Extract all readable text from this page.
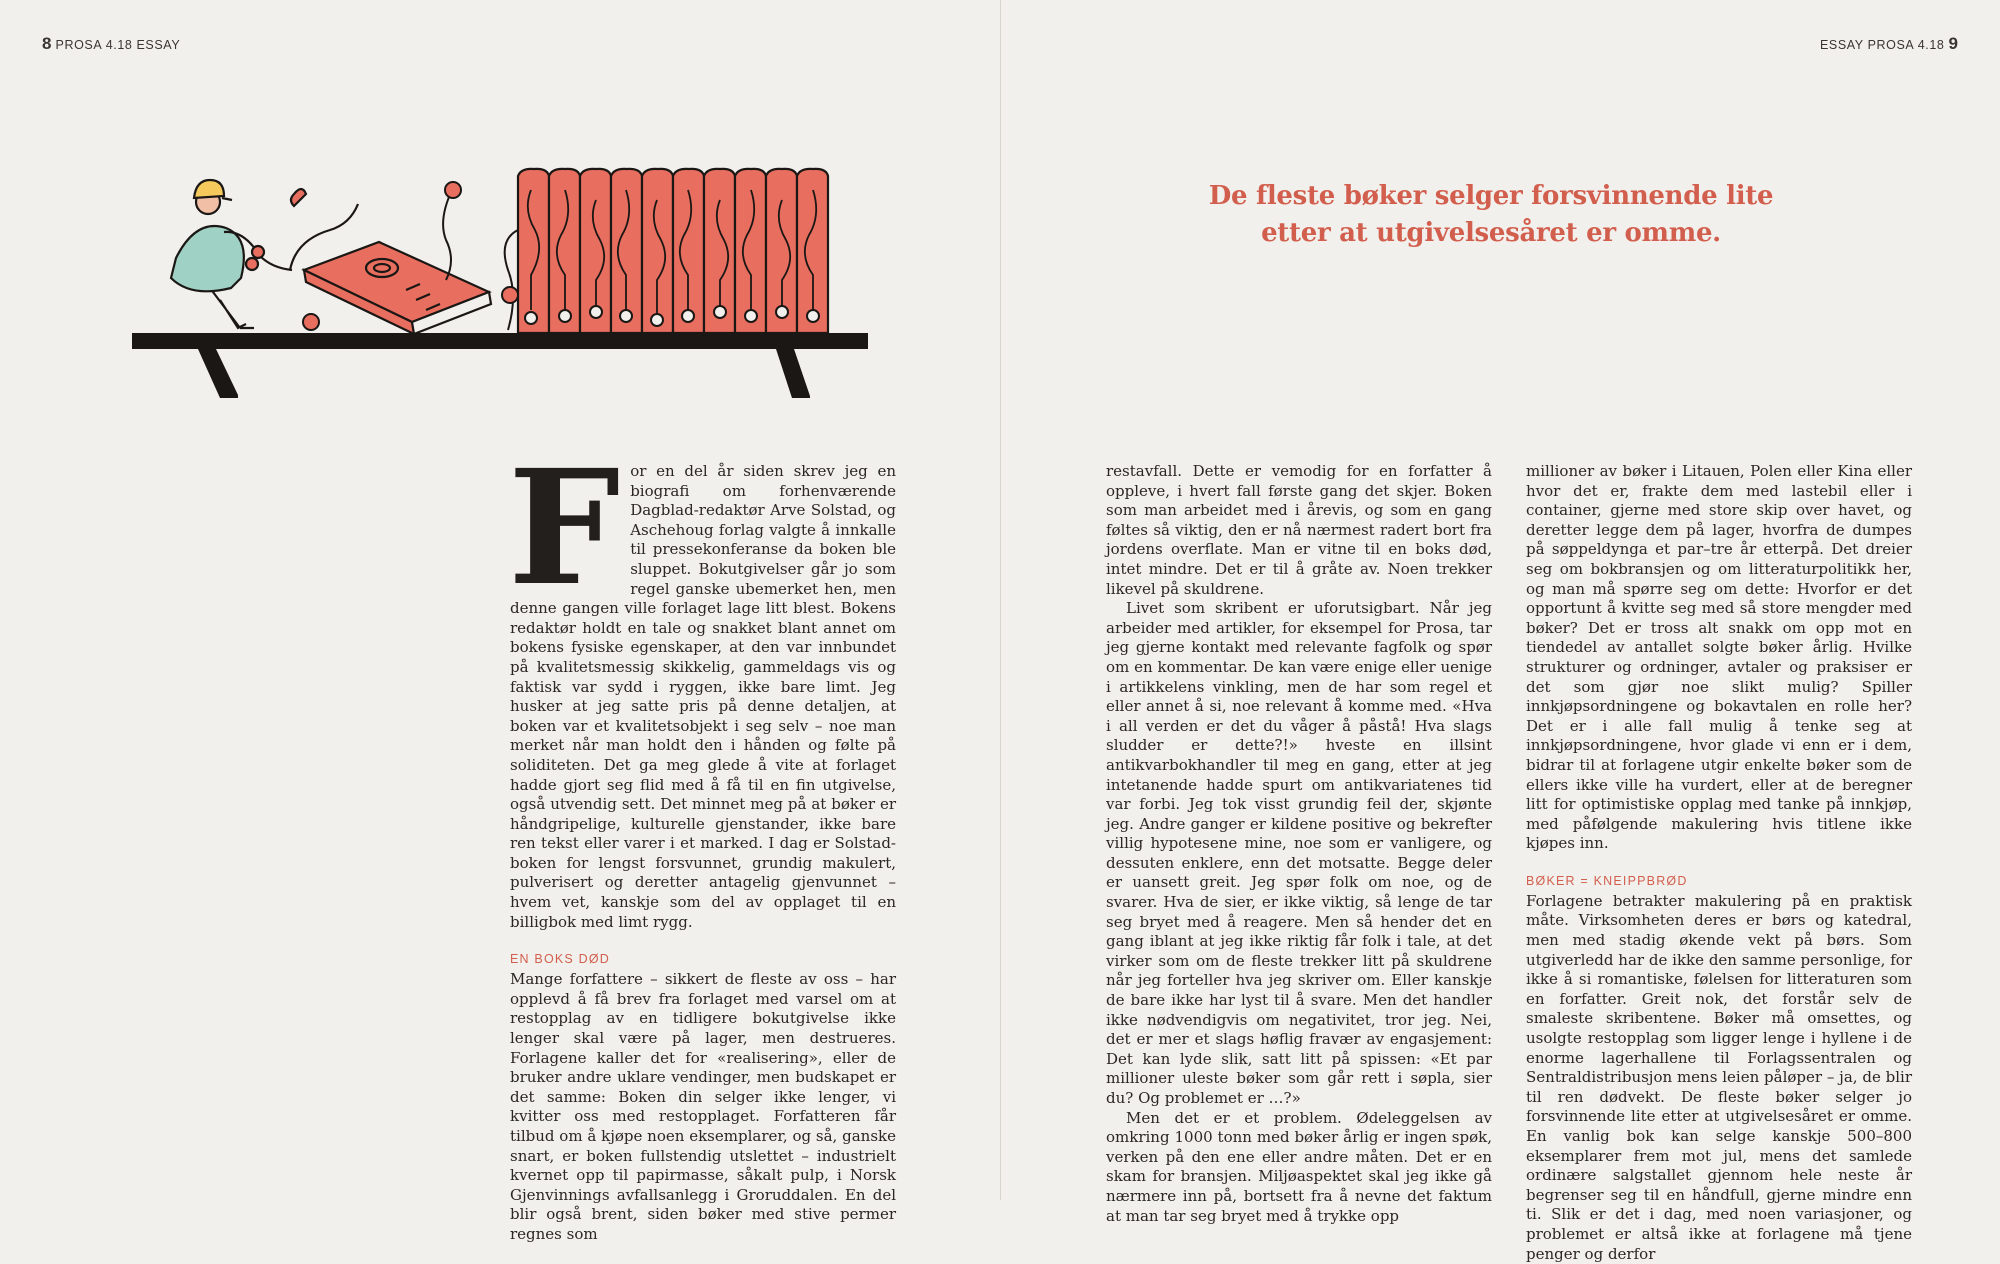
8 PROSA 4.18 ESSAY

For en del år siden skrev jeg en biografi om forhenværende Dagblad-redaktør Arve Solstad, og Aschehoug forlag valgte å innkalle til pressekonferanse da boken ble sluppet. Bokutgivelser går jo som regel ganske ubemerket hen, men denne gangen ville forlaget lage litt blest. Bokens redaktør holdt en tale og snakket blant annet om bokens fysiske egenskaper, at den var innbundet på kvalitetsmessig skikkelig, gammeldags vis og faktisk var sydd i ryggen, ikke bare limt. Jeg husker at jeg satte pris på denne detaljen, at boken var et kvalitetsobjekt i seg selv – noe man merket når man holdt den i hånden og følte på soliditeten. Det ga meg glede å vite at forlaget hadde gjort seg flid med å få til en fin utgivelse, også utvendig sett. Det minnet meg på at bøker er håndgripelige, kulturelle gjenstander, ikke bare ren tekst eller varer i et marked. I dag er Solstad-boken for lengst forsvunnet, grundig makulert, pulverisert og deretter antagelig gjenvunnet – hvem vet, kanskje som del av opplaget til en billigbok med limt rygg.

EN BOKS DØD

Mange forfattere – sikkert de fleste av oss – har opplevd å få brev fra forlaget med varsel om at restopplag av en tidligere bokutgivelse ikke lenger skal være på lager, men destrueres. Forlagene kaller det for «realisering», eller de bruker andre uklare vendinger, men budskapet er det samme: Boken din selger ikke lenger, vi kvitter oss med restopplaget. Forfatteren får tilbud om å kjøpe noen eksemplarer, og så, ganske snart, er boken fullstendig utslettet – industrielt kvernet opp til papirmasse, såkalt pulp, i Norsk Gjenvinnings avfallsanlegg i Groruddalen. En del blir også brent, siden bøker med stive permer regnes som

ESSAY PROSA 4.18 9
De fleste bøker selger forsvinnende lite
etter at utgivelsesåret er omme.

restavfall. Dette er vemodig for en forfatter å oppleve, i hvert fall første gang det skjer. Boken som man arbeidet med i årevis, og som en gang føltes så viktig, den er nå nærmest radert bort fra jordens overflate. Man er vitne til en boks død, intet mindre. Det er til å gråte av. Noen trekker likevel på skuldrene.

Livet som skribent er uforutsigbart. Når jeg arbeider med artikler, for eksempel for Prosa, tar jeg gjerne kontakt med relevante fagfolk og spør om en kommentar. De kan være enige eller uenige i artikkelens vinkling, men de har som regel et eller annet å si, noe relevant å komme med. «Hva i all verden er det du våger å påstå! Hva slags sludder er dette?!» hveste en illsint antikvarbokhandler til meg en gang, etter at jeg intetanende hadde spurt om antikvariatenes tid var forbi. Jeg tok visst grundig feil der, skjønte jeg. Andre ganger er kildene positive og bekrefter villig hypotesene mine, noe som er vanligere, og dessuten enklere, enn det motsatte. Begge deler er uansett greit. Jeg spør folk om noe, og de svarer. Hva de sier, er ikke viktig, så lenge de tar seg bryet med å reagere. Men så hender det en gang iblant at jeg ikke riktig får folk i tale, at det virker som om de fleste trekker litt på skuldrene når jeg forteller hva jeg skriver om. Eller kanskje de bare ikke har lyst til å svare. Men det handler ikke nødvendigvis om negativitet, tror jeg. Nei, det er mer et slags høflig fravær av engasjement: Det kan lyde slik, satt litt på spissen: «Et par millioner uleste bøker som går rett i søpla, sier du? Og problemet er …?»

Men det er et problem. Ødeleggelsen av omkring 1000 tonn med bøker årlig er ingen spøk, verken på den ene eller andre måten. Det er en skam for bransjen. Miljøaspektet skal jeg ikke gå nærmere inn på, bortsett fra å nevne det faktum at man tar seg bryet med å trykke opp

millioner av bøker i Litauen, Polen eller Kina eller hvor det er, frakte dem med lastebil eller i container, gjerne med store skip over havet, og deretter legge dem på lager, hvorfra de dumpes på søppeldynga et par–tre år etterpå. Det dreier seg om bokbransjen og om litteraturpolitikk her, og man må spørre seg om dette: Hvorfor er det opportunt å kvitte seg med så store mengder med bøker? Det er tross alt snakk om opp mot en tiendedel av antallet solgte bøker årlig. Hvilke strukturer og ordninger, avtaler og praksiser er det som gjør noe slikt mulig? Spiller innkjøpsordningene og bokavtalen en rolle her? Det er i alle fall mulig å tenke seg at innkjøpsordningene, hvor glade vi enn er i dem, bidrar til at forlagene utgir enkelte bøker som de ellers ikke ville ha vurdert, eller at de beregner litt for optimistiske opplag med tanke på innkjøp, med påfølgende makulering hvis titlene ikke kjøpes inn.

BØKER = KNEIPPBRØD

Forlagene betrakter makulering på en praktisk måte. Virksomheten deres er børs og katedral, men med stadig økende vekt på børs. Som utgiverledd har de ikke den samme personlige, for ikke å si romantiske, følelsen for litteraturen som en forfatter. Greit nok, det forstår selv de smaleste skribentene. Bøker må omsettes, og usolgte restopplag som ligger lenge i hyllene i de enorme lagerhallene til Forlagssentralen og Sentraldistribusjon mens leien påløper – ja, de blir til ren dødvekt. De fleste bøker selger jo forsvinnende lite etter at utgivelsesåret er omme. En vanlig bok kan selge kanskje 500–800 eksemplarer frem mot jul, mens det samlede ordinære salgstallet gjennom hele neste år begrenser seg til en håndfull, gjerne mindre enn ti. Slik er det i dag, med noen variasjoner, og problemet er altså ikke at forlagene må tjene penger og derfor
